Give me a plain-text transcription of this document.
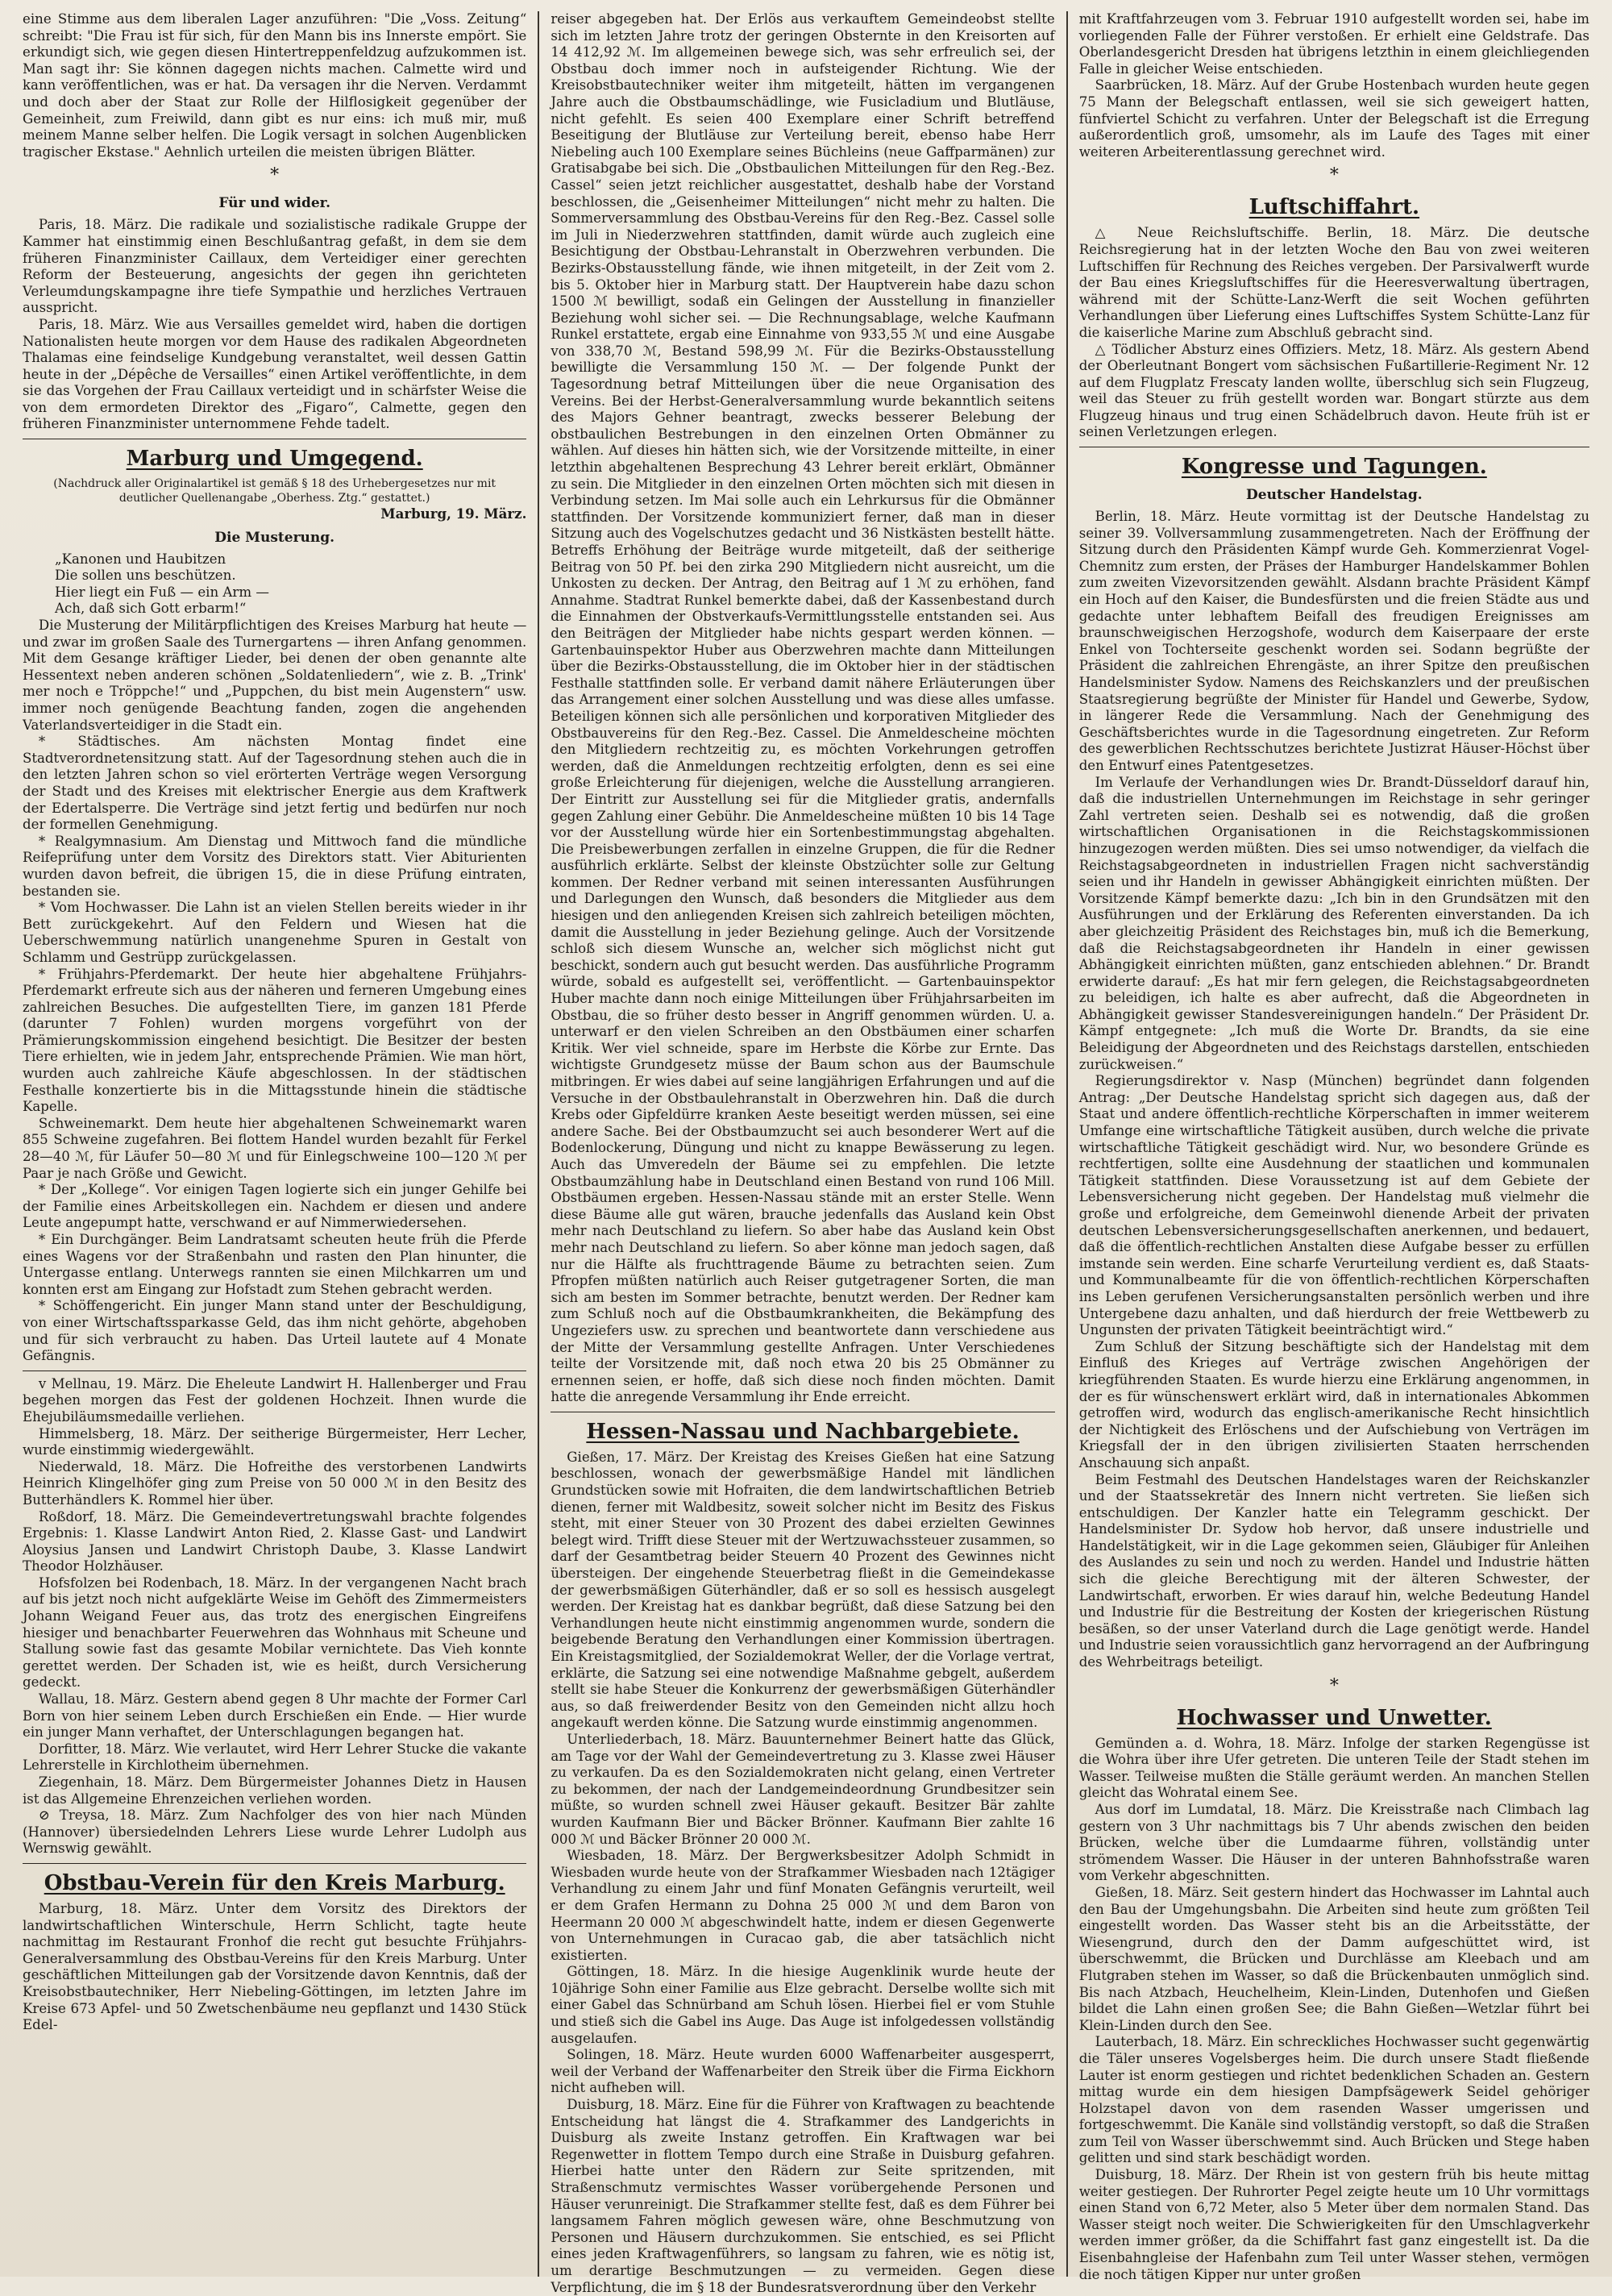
eine Stimme aus dem liberalen Lager anzuführen: "Die „Voss. Zeitung“ schreibt: "Die Frau ist für sich, für den Mann bis ins Innerste empört. Sie erkundigt sich, wie gegen diesen Hintertreppenfeldzug aufzukommen ist. Man sagt ihr: Sie können dagegen nichts machen. Calmette wird und kann veröffentlichen, was er hat. Da versagen ihr die Nerven. Verdammt und doch aber der Staat zur Rolle der Hilflosigkeit gegenüber der Gemeinheit, zum Freiwild, dann gibt es nur eins: ich muß mir, muß meinem Manne selber helfen. Die Logik versagt in solchen Augenblicken tragischer Ekstase." Aehnlich urteilen die meisten übrigen Blätter.

*
Für und wider.

Paris, 18. März. Die radikale und sozialistische radikale Gruppe der Kammer hat einstimmig einen Beschlußantrag gefaßt, in dem sie dem früheren Finanzminister Caillaux, dem Verteidiger einer gerechten Reform der Besteuerung, angesichts der gegen ihn gerichteten Verleumdungskampagne ihre tiefe Sympathie und herzliches Vertrauen ausspricht.

Paris, 18. März. Wie aus Versailles gemeldet wird, haben die dortigen Nationalisten heute morgen vor dem Hause des radikalen Abgeordneten Thalamas eine feindselige Kundgebung veranstaltet, weil dessen Gattin heute in der „Dépêche de Versailles“ einen Artikel veröffentlichte, in dem sie das Vorgehen der Frau Caillaux verteidigt und in schärfster Weise die von dem ermordeten Direktor des „Figaro“, Calmette, gegen den früheren Finanzminister unternommene Fehde tadelt.

Marburg und Umgegend.
(Nachdruck aller Originalartikel ist gemäß § 18 des Urhebergesetzes nur mit deutlicher Quellenangabe „Oberhess. Ztg.“ gestattet.)
Marburg, 19. März.
Die Musterung.

„Kanonen und Haubitzen

Die sollen uns beschützen.

Hier liegt ein Fuß — ein Arm —

Ach, daß sich Gott erbarm!“

Die Musterung der Militärpflichtigen des Kreises Marburg hat heute — und zwar im großen Saale des Turnergartens — ihren Anfang genommen. Mit dem Gesange kräftiger Lieder, bei denen der oben genannte alte Hessentext neben anderen schönen „Soldatenliedern“, wie z. B. „Trink' mer noch e Tröppche!“ und „Puppchen, du bist mein Augenstern“ usw. immer noch genügende Beachtung fanden, zogen die angehenden Vaterlandsverteidiger in die Stadt ein.

* Städtisches. Am nächsten Montag findet eine Stadtverordnetensitzung statt. Auf der Tagesordnung stehen auch die in den letzten Jahren schon so viel erörterten Verträge wegen Versorgung der Stadt und des Kreises mit elektrischer Energie aus dem Kraftwerk der Edertalsperre. Die Verträge sind jetzt fertig und bedürfen nur noch der formellen Genehmigung.

* Realgymnasium. Am Dienstag und Mittwoch fand die mündliche Reifeprüfung unter dem Vorsitz des Direktors statt. Vier Abiturienten wurden davon befreit, die übrigen 15, die in diese Prüfung eintraten, bestanden sie.

* Vom Hochwasser. Die Lahn ist an vielen Stellen bereits wieder in ihr Bett zurückgekehrt. Auf den Feldern und Wiesen hat die Ueberschwemmung natürlich unangenehme Spuren in Gestalt von Schlamm und Gestrüpp zurückgelassen.

* Frühjahrs-Pferdemarkt. Der heute hier abgehaltene Frühjahrs-Pferdemarkt erfreute sich aus der näheren und ferneren Umgebung eines zahlreichen Besuches. Die aufgestellten Tiere, im ganzen 181 Pferde (darunter 7 Fohlen) wurden morgens vorgeführt von der Prämierungskommission eingehend besichtigt. Die Besitzer der besten Tiere erhielten, wie in jedem Jahr, entsprechende Prämien. Wie man hört, wurden auch zahlreiche Käufe abgeschlossen. In der städtischen Festhalle konzertierte bis in die Mittagsstunde hinein die städtische Kapelle.

Schweinemarkt. Dem heute hier abgehaltenen Schweinemarkt waren 855 Schweine zugefahren. Bei flottem Handel wurden bezahlt für Ferkel 28—40 ℳ, für Läufer 50—80 ℳ und für Einlegschweine 100—120 ℳ per Paar je nach Größe und Gewicht.

* Der „Kollege“. Vor einigen Tagen logierte sich ein junger Gehilfe bei der Familie eines Arbeitskollegen ein. Nachdem er diesen und andere Leute angepumpt hatte, verschwand er auf Nimmerwiedersehen.

* Ein Durchgänger. Beim Landratsamt scheuten heute früh die Pferde eines Wagens vor der Straßenbahn und rasten den Plan hinunter, die Untergasse entlang. Unterwegs rannten sie einen Milchkarren um und konnten erst am Eingang zur Hofstadt zum Stehen gebracht werden.

* Schöffengericht. Ein junger Mann stand unter der Beschuldigung, von einer Wirtschaftssparkasse Geld, das ihm nicht gehörte, abgehoben und für sich verbraucht zu haben. Das Urteil lautete auf 4 Monate Gefängnis.

v Mellnau, 19. März. Die Eheleute Landwirt H. Hallenberger und Frau begehen morgen das Fest der goldenen Hochzeit. Ihnen wurde die Ehejubiläumsmedaille verliehen.

Himmelsberg, 18. März. Der seitherige Bürgermeister, Herr Lecher, wurde einstimmig wiedergewählt.

Niederwald, 18. März. Die Hofreithe des verstorbenen Landwirts Heinrich Klingelhöfer ging zum Preise von 50 000 ℳ in den Besitz des Butterhändlers K. Rommel hier über.

Roßdorf, 18. März. Die Gemeindevertretungswahl brachte folgendes Ergebnis: 1. Klasse Landwirt Anton Ried, 2. Klasse Gast- und Landwirt Aloysius Jansen und Landwirt Christoph Daube, 3. Klasse Landwirt Theodor Holzhäuser.

Hofsfolzen bei Rodenbach, 18. März. In der vergangenen Nacht brach auf bis jetzt noch nicht aufgeklärte Weise im Gehöft des Zimmermeisters Johann Weigand Feuer aus, das trotz des energischen Eingreifens hiesiger und benachbarter Feuerwehren das Wohnhaus mit Scheune und Stallung sowie fast das gesamte Mobilar vernichtete. Das Vieh konnte gerettet werden. Der Schaden ist, wie es heißt, durch Versicherung gedeckt.

Wallau, 18. März. Gestern abend gegen 8 Uhr machte der Former Carl Born von hier seinem Leben durch Erschießen ein Ende. — Hier wurde ein junger Mann verhaftet, der Unterschlagungen begangen hat.

Dorfitter, 18. März. Wie verlautet, wird Herr Lehrer Stucke die vakante Lehrerstelle in Kirchlotheim übernehmen.

Ziegenhain, 18. März. Dem Bürgermeister Johannes Dietz in Hausen ist das Allgemeine Ehrenzeichen verliehen worden.

⊘ Treysa, 18. März. Zum Nachfolger des von hier nach Münden (Hannover) übersiedelnden Lehrers Liese wurde Lehrer Ludolph aus Wernswig gewählt.

Obstbau-Verein für den Kreis Marburg.

Marburg, 18. März. Unter dem Vorsitz des Direktors der landwirtschaftlichen Winterschule, Herrn Schlicht, tagte heute nachmittag im Restaurant Fronhof die recht gut besuchte Frühjahrs-Generalversammlung des Obstbau-Vereins für den Kreis Marburg. Unter geschäftlichen Mitteilungen gab der Vorsitzende davon Kenntnis, daß der Kreisobstbautechniker, Herr Niebeling-Göttingen, im letzten Jahre im Kreise 673 Apfel- und 50 Zwetschenbäume neu gepflanzt und 1430 Stück Edel-

reiser abgegeben hat. Der Erlös aus verkauftem Gemeindeobst stellte sich im letzten Jahre trotz der geringen Obsternte in den Kreisorten auf 14 412,92 ℳ. Im allgemeinen bewege sich, was sehr erfreulich sei, der Obstbau doch immer noch in aufsteigender Richtung. Wie der Kreisobstbautechniker weiter ihm mitgeteilt, hätten im vergangenen Jahre auch die Obstbaumschädlinge, wie Fusicladium und Blutläuse, nicht gefehlt. Es seien 400 Exemplare einer Schrift betreffend Beseitigung der Blutläuse zur Verteilung bereit, ebenso habe Herr Niebeling auch 100 Exemplare seines Büchleins (neue Gaffparmänen) zur Gratisabgabe bei sich. Die „Obstbaulichen Mitteilungen für den Reg.-Bez. Cassel“ seien jetzt reichlicher ausgestattet, deshalb habe der Vorstand beschlossen, die „Geisenheimer Mitteilungen“ nicht mehr zu halten. Die Sommerversammlung des Obstbau-Vereins für den Reg.-Bez. Cassel solle im Juli in Niederzwehren stattfinden, damit würde auch zugleich eine Besichtigung der Obstbau-Lehranstalt in Oberzwehren verbunden. Die Bezirks-Obstausstellung fände, wie ihnen mitgeteilt, in der Zeit vom 2. bis 5. Oktober hier in Marburg statt. Der Hauptverein habe dazu schon 1500 ℳ bewilligt, sodaß ein Gelingen der Ausstellung in finanzieller Beziehung wohl sicher sei. — Die Rechnungsablage, welche Kaufmann Runkel erstattete, ergab eine Einnahme von 933,55 ℳ und eine Ausgabe von 338,70 ℳ, Bestand 598,99 ℳ. Für die Bezirks-Obstausstellung bewilligte die Versammlung 150 ℳ. — Der folgende Punkt der Tagesordnung betraf Mitteilungen über die neue Organisation des Vereins. Bei der Herbst-Generalversammlung wurde bekanntlich seitens des Majors Gehner beantragt, zwecks besserer Belebung der obstbaulichen Bestrebungen in den einzelnen Orten Obmänner zu wählen. Auf dieses hin hätten sich, wie der Vorsitzende mitteilte, in einer letzthin abgehaltenen Besprechung 43 Lehrer bereit erklärt, Obmänner zu sein. Die Mitglieder in den einzelnen Orten möchten sich mit diesen in Verbindung setzen. Im Mai solle auch ein Lehrkursus für die Obmänner stattfinden. Der Vorsitzende kommuniziert ferner, daß man in dieser Sitzung auch des Vogelschutzes gedacht und 36 Nistkästen bestellt hätte. Betreffs Erhöhung der Beiträge wurde mitgeteilt, daß der seitherige Beitrag von 50 Pf. bei den zirka 290 Mitgliedern nicht ausreicht, um die Unkosten zu decken. Der Antrag, den Beitrag auf 1 ℳ zu erhöhen, fand Annahme. Stadtrat Runkel bemerkte dabei, daß der Kassenbestand durch die Einnahmen der Obstverkaufs-Vermittlungsstelle entstanden sei. Aus den Beiträgen der Mitglieder habe nichts gespart werden können. — Gartenbauinspektor Huber aus Oberzwehren machte dann Mitteilungen über die Bezirks-Obstausstellung, die im Oktober hier in der städtischen Festhalle stattfinden solle. Er verband damit nähere Erläuterungen über das Arrangement einer solchen Ausstellung und was diese alles umfasse. Beteiligen können sich alle persönlichen und korporativen Mitglieder des Obstbauvereins für den Reg.-Bez. Cassel. Die Anmeldescheine möchten den Mitgliedern rechtzeitig zu, es möchten Vorkehrungen getroffen werden, daß die Anmeldungen rechtzeitig erfolgten, denn es sei eine große Erleichterung für diejenigen, welche die Ausstellung arrangieren. Der Eintritt zur Ausstellung sei für die Mitglieder gratis, andernfalls gegen Zahlung einer Gebühr. Die Anmeldescheine müßten 10 bis 14 Tage vor der Ausstellung würde hier ein Sortenbestimmungstag abgehalten. Die Preisbewerbungen zerfallen in einzelne Gruppen, die für die Redner ausführlich erklärte. Selbst der kleinste Obstzüchter solle zur Geltung kommen. Der Redner verband mit seinen interessanten Ausführungen und Darlegungen den Wunsch, daß besonders die Mitglieder aus dem hiesigen und den anliegenden Kreisen sich zahlreich beteiligen möchten, damit die Ausstellung in jeder Beziehung gelinge. Auch der Vorsitzende schloß sich diesem Wunsche an, welcher sich möglichst nicht gut beschickt, sondern auch gut besucht werden. Das ausführliche Programm würde, sobald es aufgestellt sei, veröffentlicht. — Gartenbauinspektor Huber machte dann noch einige Mitteilungen über Frühjahrsarbeiten im Obstbau, die so früher desto besser in Angriff genommen würden. U. a. unterwarf er den vielen Schreiben an den Obstbäumen einer scharfen Kritik. Wer viel schneide, spare im Herbste die Körbe zur Ernte. Das wichtigste Grundgesetz müsse der Baum schon aus der Baumschule mitbringen. Er wies dabei auf seine langjährigen Erfahrungen und auf die Versuche in der Obstbaulehranstalt in Oberzwehren hin. Daß die durch Krebs oder Gipfeldürre kranken Aeste beseitigt werden müssen, sei eine andere Sache. Bei der Obstbaumzucht sei auch besonderer Wert auf die Bodenlockerung, Düngung und nicht zu knappe Bewässerung zu legen. Auch das Umveredeln der Bäume sei zu empfehlen. Die letzte Obstbaumzählung habe in Deutschland einen Bestand von rund 106 Mill. Obstbäumen ergeben. Hessen-Nassau stände mit an erster Stelle. Wenn diese Bäume alle gut wären, brauche jedenfalls das Ausland kein Obst mehr nach Deutschland zu liefern. So aber habe das Ausland kein Obst mehr nach Deutschland zu liefern. So aber könne man jedoch sagen, daß nur die Hälfte als fruchttragende Bäume zu betrachten seien. Zum Pfropfen müßten natürlich auch Reiser gutgetragener Sorten, die man sich am besten im Sommer betrachte, benutzt werden. Der Redner kam zum Schluß noch auf die Obstbaumkrankheiten, die Bekämpfung des Ungeziefers usw. zu sprechen und beantwortete dann verschiedene aus der Mitte der Versammlung gestellte Anfragen. Unter Verschiedenes teilte der Vorsitzende mit, daß noch etwa 20 bis 25 Obmänner zu ernennen seien, er hoffe, daß sich diese noch finden möchten. Damit hatte die anregende Versammlung ihr Ende erreicht.

Hessen-Nassau und Nachbargebiete.

Gießen, 17. März. Der Kreistag des Kreises Gießen hat eine Satzung beschlossen, wonach der gewerbsmäßige Handel mit ländlichen Grundstücken sowie mit Hofraiten, die dem landwirtschaftlichen Betrieb dienen, ferner mit Waldbesitz, soweit solcher nicht im Besitz des Fiskus steht, mit einer Steuer von 30 Prozent des dabei erzielten Gewinnes belegt wird. Trifft diese Steuer mit der Wertzuwachssteuer zusammen, so darf der Gesamtbetrag beider Steuern 40 Prozent des Gewinnes nicht übersteigen. Der eingehende Steuerbetrag fließt in die Gemeindekasse der gewerbsmäßigen Güterhändler, daß er so soll es hessisch ausgelegt werden. Der Kreistag hat es dankbar begrüßt, daß diese Satzung bei den Verhandlungen heute nicht einstimmig angenommen wurde, sondern die beigebende Beratung den Verhandlungen einer Kommission übertragen. Ein Kreistagsmitglied, der Sozialdemokrat Weller, der die Vorlage vertrat, erklärte, die Satzung sei eine notwendige Maßnahme gebgelt, außerdem stellt sie habe Steuer die Konkurrenz der gewerbsmäßigen Güterhändler aus, so daß freiwerdender Besitz von den Gemeinden nicht allzu hoch angekauft werden könne. Die Satzung wurde einstimmig angenommen.

Unterliederbach, 18. März. Bauunternehmer Beinert hatte das Glück, am Tage vor der Wahl der Gemeindevertretung zu 3. Klasse zwei Häuser zu verkaufen. Da es den Sozialdemokraten nicht gelang, einen Vertreter zu bekommen, der nach der Landgemeindeordnung Grundbesitzer sein müßte, so wurden schnell zwei Häuser gekauft. Besitzer Bär zahlte wurden Kaufmann Bier und Bäcker Brönner. Kaufmann Bier zahlte 16 000 ℳ und Bäcker Brönner 20 000 ℳ.

Wiesbaden, 18. März. Der Bergwerksbesitzer Adolph Schmidt in Wiesbaden wurde heute von der Strafkammer Wiesbaden nach 12tägiger Verhandlung zu einem Jahr und fünf Monaten Gefängnis verurteilt, weil er dem Grafen Hermann zu Dohna 25 000 ℳ und dem Baron von Heermann 20 000 ℳ abgeschwindelt hatte, indem er diesen Gegenwerte von Unternehmungen in Curacao gab, die aber tatsächlich nicht existierten.

Göttingen, 18. März. In die hiesige Augenklinik wurde heute der 10jährige Sohn einer Familie aus Elze gebracht. Derselbe wollte sich mit einer Gabel das Schnürband am Schuh lösen. Hierbei fiel er vom Stuhle und stieß sich die Gabel ins Auge. Das Auge ist infolgedessen vollständig ausgelaufen.

Solingen, 18. März. Heute wurden 6000 Waffenarbeiter ausgesperrt, weil der Verband der Waffenarbeiter den Streik über die Firma Eickhorn nicht aufheben will.

Duisburg, 18. März. Eine für die Führer von Kraftwagen zu beachtende Entscheidung hat längst die 4. Strafkammer des Landgerichts in Duisburg als zweite Instanz getroffen. Ein Kraftwagen war bei Regenwetter in flottem Tempo durch eine Straße in Duisburg gefahren. Hierbei hatte unter den Rädern zur Seite spritzenden, mit Straßenschmutz vermischtes Wasser vorübergehende Personen und Häuser verunreinigt. Die Strafkammer stellte fest, daß es dem Führer bei langsamem Fahren möglich gewesen wäre, ohne Beschmutzung von Personen und Häusern durchzukommen. Sie entschied, es sei Pflicht eines jeden Kraftwagenführers, so langsam zu fahren, wie es nötig ist, um derartige Beschmutzungen — zu vermeiden. Gegen diese Verpflichtung, die im § 18 der Bundesratsverordnung über den Verkehr

mit Kraftfahrzeugen vom 3. Februar 1910 aufgestellt worden sei, habe im vorliegenden Falle der Führer verstoßen. Er erhielt eine Geldstrafe. Das Oberlandesgericht Dresden hat übrigens letzthin in einem gleichliegenden Falle in gleicher Weise entschieden.

Saarbrücken, 18. März. Auf der Grube Hostenbach wurden heute gegen 75 Mann der Belegschaft entlassen, weil sie sich geweigert hatten, fünfviertel Schicht zu verfahren. Unter der Belegschaft ist die Erregung außerordentlich groß, umsomehr, als im Laufe des Tages mit einer weiteren Arbeiterentlassung gerechnet wird.

*
Luftschiffahrt.

△ Neue Reichsluftschiffe. Berlin, 18. März. Die deutsche Reichsregierung hat in der letzten Woche den Bau von zwei weiteren Luftschiffen für Rechnung des Reiches vergeben. Der Parsivalwerft wurde der Bau eines Kriegsluftschiffes für die Heeresverwaltung übertragen, während mit der Schütte-Lanz-Werft die seit Wochen geführten Verhandlungen über Lieferung eines Luftschiffes System Schütte-Lanz für die kaiserliche Marine zum Abschluß gebracht sind.

△ Tödlicher Absturz eines Offiziers. Metz, 18. März. Als gestern Abend der Oberleutnant Bongert vom sächsischen Fußartillerie-Regiment Nr. 12 auf dem Flugplatz Frescaty landen wollte, überschlug sich sein Flugzeug, weil das Steuer zu früh gestellt worden war. Bongart stürzte aus dem Flugzeug hinaus und trug einen Schädelbruch davon. Heute früh ist er seinen Verletzungen erlegen.

Kongresse und Tagungen.
Deutscher Handelstag.

Berlin, 18. März. Heute vormittag ist der Deutsche Handelstag zu seiner 39. Vollversammlung zusammengetreten. Nach der Eröffnung der Sitzung durch den Präsidenten Kämpf wurde Geh. Kommerzienrat Vogel-Chemnitz zum ersten, der Präses der Hamburger Handelskammer Bohlen zum zweiten Vizevorsitzenden gewählt. Alsdann brachte Präsident Kämpf ein Hoch auf den Kaiser, die Bundesfürsten und die freien Städte aus und gedachte unter lebhaftem Beifall des freudigen Ereignisses am braunschweigischen Herzogshofe, wodurch dem Kaiserpaare der erste Enkel von Tochterseite geschenkt worden sei. Sodann begrüßte der Präsident die zahlreichen Ehrengäste, an ihrer Spitze den preußischen Handelsminister Sydow. Namens des Reichskanzlers und der preußischen Staatsregierung begrüßte der Minister für Handel und Gewerbe, Sydow, in längerer Rede die Versammlung. Nach der Genehmigung des Geschäftsberichtes wurde in die Tagesordnung eingetreten. Zur Reform des gewerblichen Rechtsschutzes berichtete Justizrat Häuser-Höchst über den Entwurf eines Patentgesetzes.

Im Verlaufe der Verhandlungen wies Dr. Brandt-Düsseldorf darauf hin, daß die industriellen Unternehmungen im Reichstage in sehr geringer Zahl vertreten seien. Deshalb sei es notwendig, daß die großen wirtschaftlichen Organisationen in die Reichstagskommissionen hinzugezogen werden müßten. Dies sei umso notwendiger, da vielfach die Reichstagsabgeordneten in industriellen Fragen nicht sachverständig seien und ihr Handeln in gewisser Abhängigkeit einrichten müßten. Der Vorsitzende Kämpf bemerkte dazu: „Ich bin in den Grundsätzen mit den Ausführungen und der Erklärung des Referenten einverstanden. Da ich aber gleichzeitig Präsident des Reichstages bin, muß ich die Bemerkung, daß die Reichstagsabgeordneten ihr Handeln in einer gewissen Abhängigkeit einrichten müßten, ganz entschieden ablehnen.“ Dr. Brandt erwiderte darauf: „Es hat mir fern gelegen, die Reichstagsabgeordneten zu beleidigen, ich halte es aber aufrecht, daß die Abgeordneten in Abhängigkeit gewisser Standesvereinigungen handeln.“ Der Präsident Dr. Kämpf entgegnete: „Ich muß die Worte Dr. Brandts, da sie eine Beleidigung der Abgeordneten und des Reichstags darstellen, entschieden zurückweisen.“

Regierungsdirektor v. Nasp (München) begründet dann folgenden Antrag: „Der Deutsche Handelstag spricht sich dagegen aus, daß der Staat und andere öffentlich-rechtliche Körperschaften in immer weiterem Umfange eine wirtschaftliche Tätigkeit ausüben, durch welche die private wirtschaftliche Tätigkeit geschädigt wird. Nur, wo besondere Gründe es rechtfertigen, sollte eine Ausdehnung der staatlichen und kommunalen Tätigkeit stattfinden. Diese Voraussetzung ist auf dem Gebiete der Lebensversicherung nicht gegeben. Der Handelstag muß vielmehr die große und erfolgreiche, dem Gemeinwohl dienende Arbeit der privaten deutschen Lebensversicherungsgesellschaften anerkennen, und bedauert, daß die öffentlich-rechtlichen Anstalten diese Aufgabe besser zu erfüllen imstande sein werden. Eine scharfe Verurteilung verdient es, daß Staats- und Kommunalbeamte für die von öffentlich-rechtlichen Körperschaften ins Leben gerufenen Versicherungsanstalten persönlich werben und ihre Untergebene dazu anhalten, und daß hierdurch der freie Wettbewerb zu Ungunsten der privaten Tätigkeit beeinträchtigt wird.“

Zum Schluß der Sitzung beschäftigte sich der Handelstag mit dem Einfluß des Krieges auf Verträge zwischen Angehörigen der kriegführenden Staaten. Es wurde hierzu eine Erklärung angenommen, in der es für wünschenswert erklärt wird, daß in internationales Abkommen getroffen wird, wodurch das englisch-amerikanische Recht hinsichtlich der Nichtigkeit des Erlöschens und der Aufschiebung von Verträgen im Kriegsfall der in den übrigen zivilisierten Staaten herrschenden Anschauung sich anpaßt.

Beim Festmahl des Deutschen Handelstages waren der Reichskanzler und der Staatssekretär des Innern nicht vertreten. Sie ließen sich entschuldigen. Der Kanzler hatte ein Telegramm geschickt. Der Handelsminister Dr. Sydow hob hervor, daß unsere industrielle und Handelstätigkeit, wir in die Lage gekommen seien, Gläubiger für Anleihen des Auslandes zu sein und noch zu werden. Handel und Industrie hätten sich die gleiche Berechtigung mit der älteren Schwester, der Landwirtschaft, erworben. Er wies darauf hin, welche Bedeutung Handel und Industrie für die Bestreitung der Kosten der kriegerischen Rüstung besäßen, so der unser Vaterland durch die Lage genötigt werde. Handel und Industrie seien voraussichtlich ganz hervorragend an der Aufbringung des Wehrbeitrags beteiligt.

*
Hochwasser und Unwetter.

Gemünden a. d. Wohra, 18. März. Infolge der starken Regengüsse ist die Wohra über ihre Ufer getreten. Die unteren Teile der Stadt stehen im Wasser. Teilweise mußten die Ställe geräumt werden. An manchen Stellen gleicht das Wohratal einem See.

Aus dorf im Lumdatal, 18. März. Die Kreisstraße nach Climbach lag gestern von 3 Uhr nachmittags bis 7 Uhr abends zwischen den beiden Brücken, welche über die Lumdaarme führen, vollständig unter strömendem Wasser. Die Häuser in der unteren Bahnhofsstraße waren vom Verkehr abgeschnitten.

Gießen, 18. März. Seit gestern hindert das Hochwasser im Lahntal auch den Bau der Umgehungsbahn. Die Arbeiten sind heute zum größten Teil eingestellt worden. Das Wasser steht bis an die Arbeitsstätte, der Wiesengrund, durch den der Damm aufgeschüttet wird, ist überschwemmt, die Brücken und Durchlässe am Kleebach und am Flutgraben stehen im Wasser, so daß die Brückenbauten unmöglich sind. Bis nach Atzbach, Heuchelheim, Klein-Linden, Dutenhofen und Gießen bildet die Lahn einen großen See; die Bahn Gießen—Wetzlar führt bei Klein-Linden durch den See.

Lauterbach, 18. März. Ein schreckliches Hochwasser sucht gegenwärtig die Täler unseres Vogelsberges heim. Die durch unsere Stadt fließende Lauter ist enorm gestiegen und richtet bedenklichen Schaden an. Gestern mittag wurde ein dem hiesigen Dampfsägewerk Seidel gehöriger Holzstapel davon von dem rasenden Wasser umgerissen und fortgeschwemmt. Die Kanäle sind vollständig verstopft, so daß die Straßen zum Teil von Wasser überschwemmt sind. Auch Brücken und Stege haben gelitten und sind stark beschädigt worden.

Duisburg, 18. März. Der Rhein ist von gestern früh bis heute mittag weiter gestiegen. Der Ruhrorter Pegel zeigte heute um 10 Uhr vormittags einen Stand von 6,72 Meter, also 5 Meter über dem normalen Stand. Das Wasser steigt noch weiter. Die Schwierigkeiten für den Umschlagverkehr werden immer größer, da die Schiffahrt fast ganz eingestellt ist. Da die Eisenbahngleise der Hafenbahn zum Teil unter Wasser stehen, vermögen die noch tätigen Kipper nur unter großen
